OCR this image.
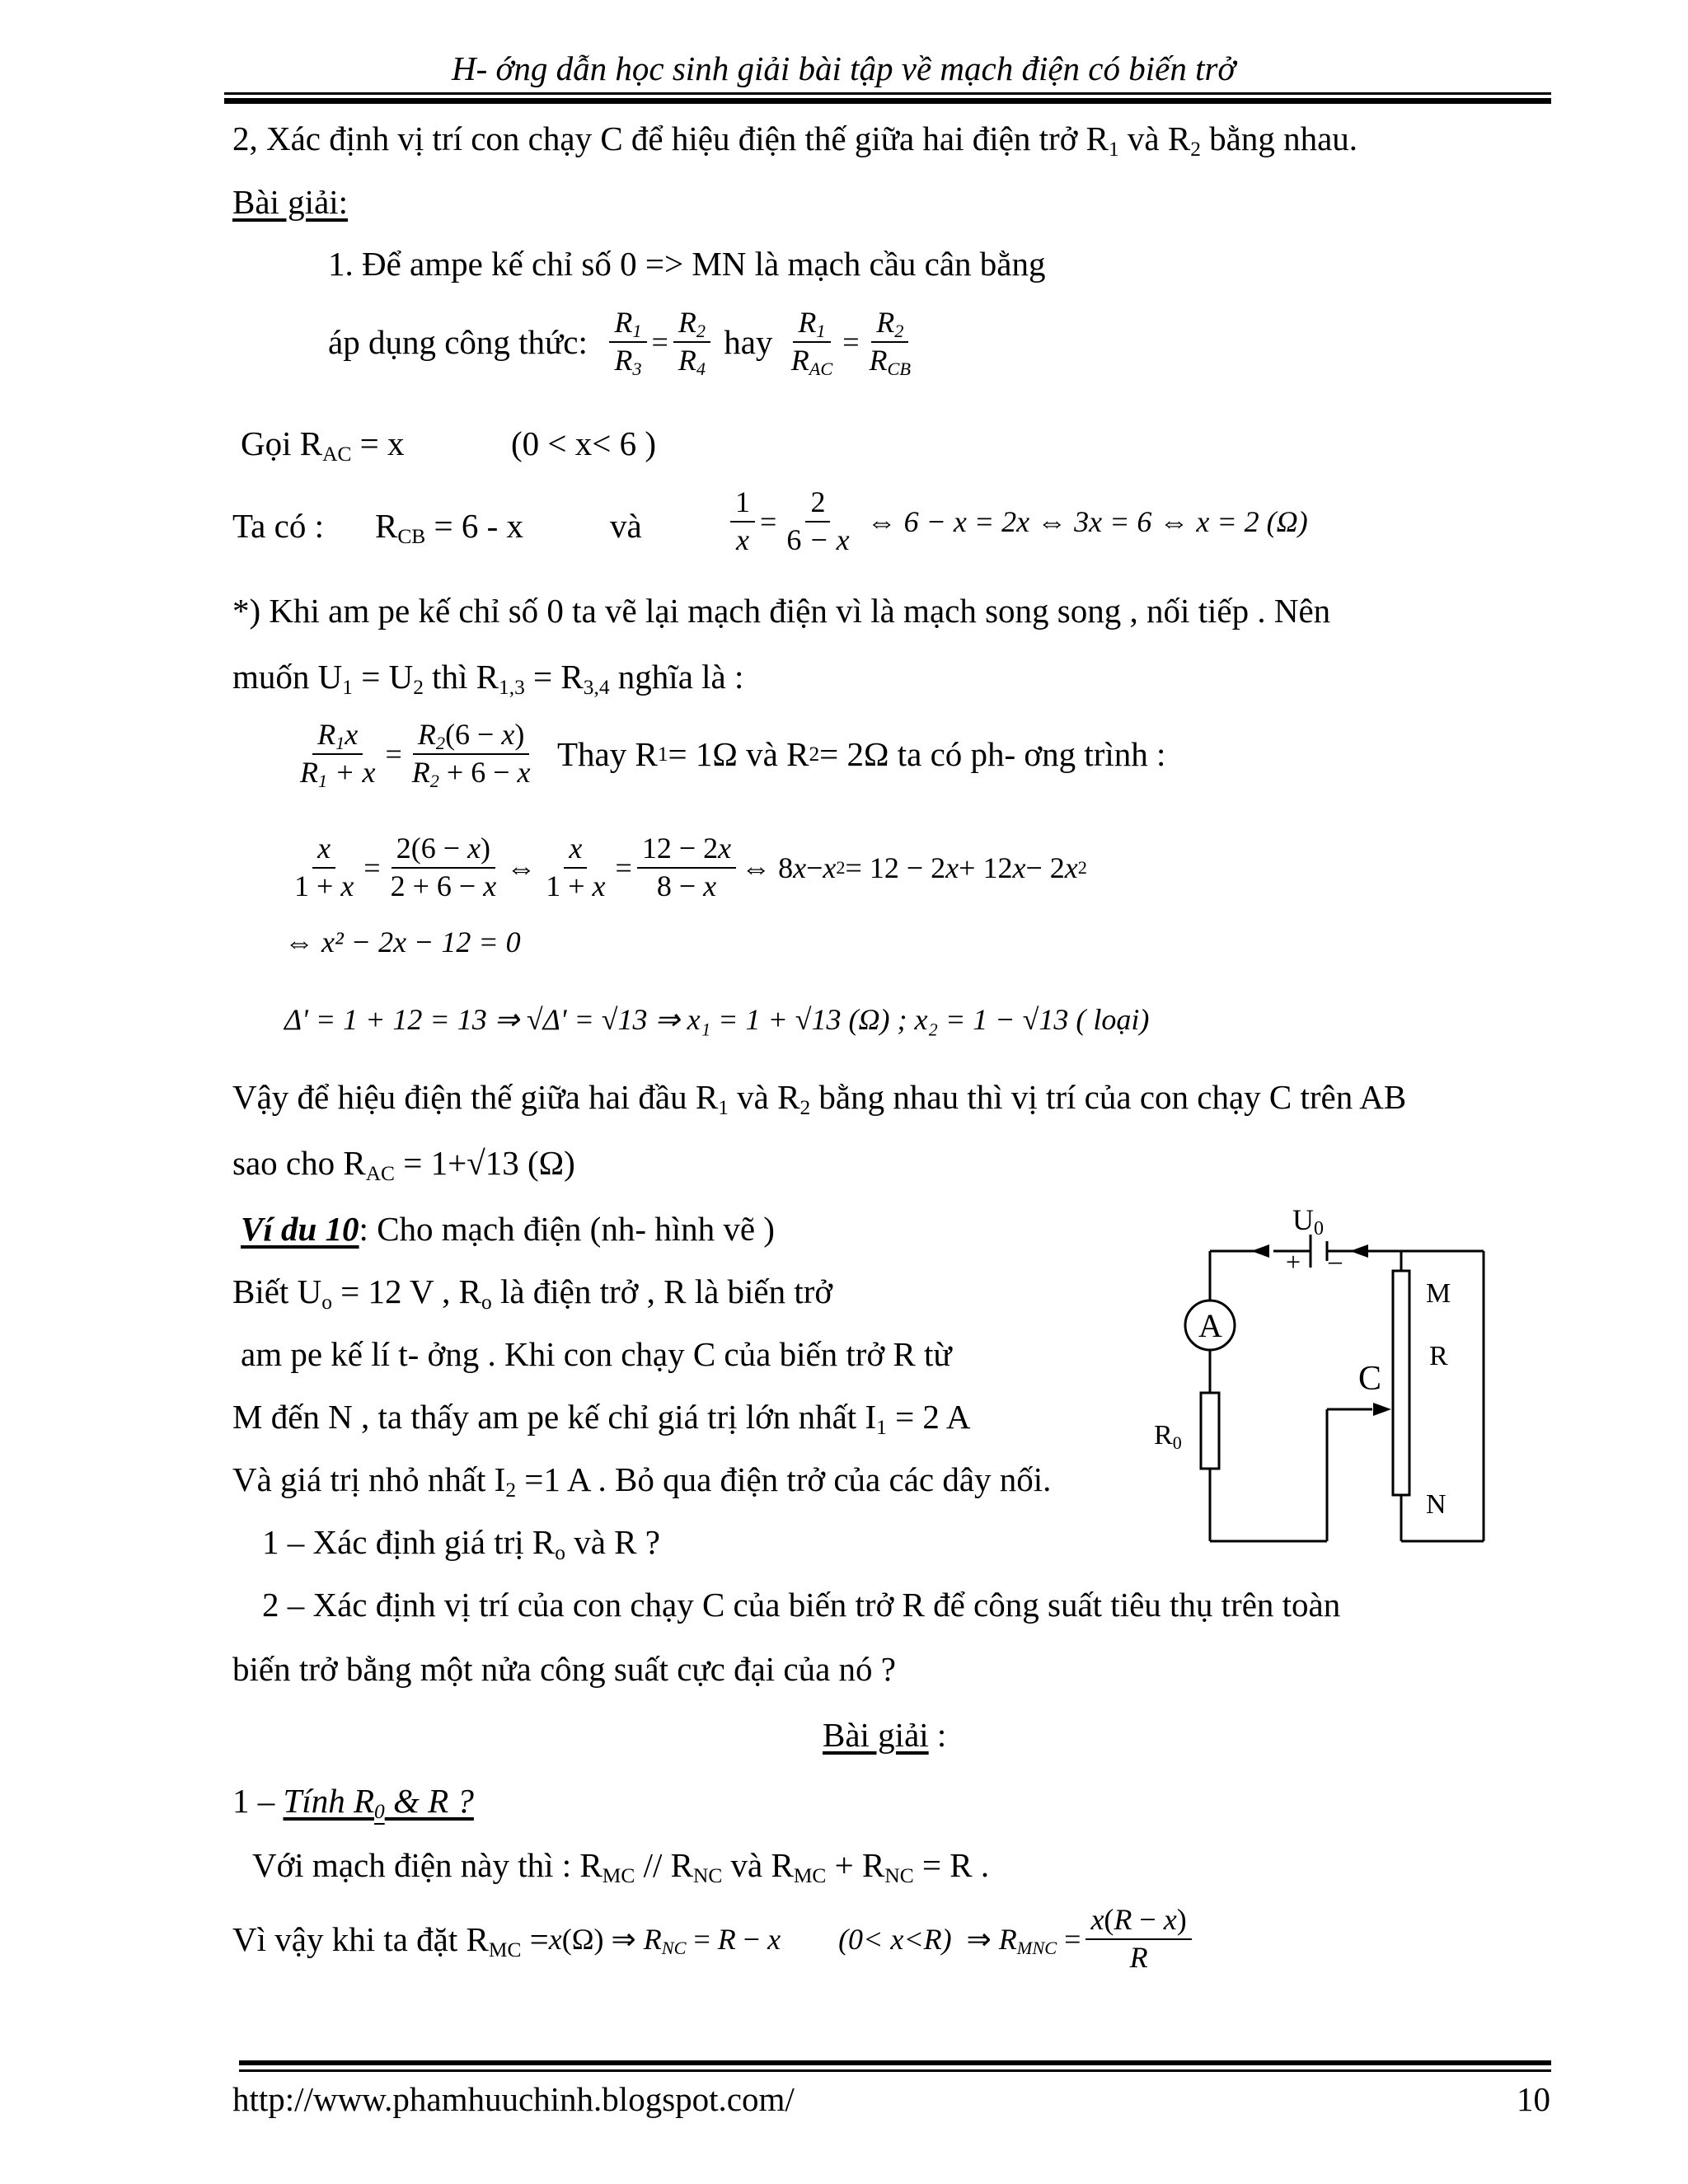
H- ớng dẫn học sinh giải bài tập về mạch điện có biến trở
2, Xác định vị trí con chạy C để hiệu điện thế giữa hai điện trở $R_1$ và $R_2$ bằng nhau.
Bài giải:
1. Để ampe kế chỉ số 0 => MN là mạch cầu cân bằng
áp dụng công thức:
$\frac{R_1}{R_3} = \frac{R_2}{R_4}$
hay
$\frac{R_1}{R_{AC}} = \frac{R_2}{R_{CB}}$
Gọi $R_{AC} = x$	(0 < x< 6 )
Ta có : $R_{CB} = 6 - x$	và	$\frac{1}{x} = \frac{2}{6 - x}$
⇔ 6 − x = 2x ⇔ 3x = 6 ⇔ x = 2 (Ω)
*) Khi am pe kế chỉ số 0 ta vẽ lại mạch điện vì là mạch song song , nối tiếp . Nên
muốn $U_1 = U_2$ thì $R_{1,3} = R_{3,4}$ nghĩa là :
$\frac{R_1x}{R_1 + x} = \frac{R_2(6 - x)}{R_2 + 6 - x}$
Thay R 1 = 1Ω và R 2 = 2Ω ta có ph- ơng trình :
$\frac{x}{1 + x} = \frac{2(6 - x)}{2 + 6 - x}$ ⇔ $\frac{x}{1 + x} = \frac{12 - 2x}{8 - x}$ ⇔ 8 x − x 2 = 12 − 2 x + 12 x − 2 x 2
⇔ x² − 2x − 12 = 0
Δ' = 1 + 12 = 13 ⇒ √Δ' = √13 ⇒ x₁ = 1 + √13 (Ω) ; x₂ = 1 − √13 ( loại)
Vậy để hiệu điện thế giữa hai đầu $R_1$ và $R_2$ bằng nhau thì vị trí của con chạy C trên AB
sao cho $R_{AC} = 1+√13$ (Ω)
Ví du 10: Cho mạch điện (nh- hình vẽ )
Biết $U_o = 12$ V , $R_o$ là điện trở , R là biến trở
am pe kế lí t- ởng . Khi con chạy C của biến trở R từ
M đến N , ta thấy am pe kế chỉ giá trị lớn nhất $I_1 = 2$ A
Và giá trị nhỏ nhất $I_2 =1$ A . Bỏ qua điện trở của các dây nối.
1 – Xác định giá trị $R_o$ và R ?
2 – Xác định vị trí của con chạy C của biến trở R để công suất tiêu thụ trên toàn
biến trở bằng một nửa công suất cực đại của nó ?
Bài giải :
1 – Tính $R_0$ & R ?
Với mạch điện này thì : $R_{MC} // R_{NC}$ và $R_{MC} + R_{NC} = R$ .
Vì vậy khi ta đặt $R_{MC} = x(\Omega)$ ⇒ $R_{NC} = R - x$ (0< x<R) ⇒ $R_{MNC} = \frac{x(R - x)}{R}$
U0
+ –
A
C
R0
M
R
N
http://www.phamhuuchinh.blogspot.com/	10
